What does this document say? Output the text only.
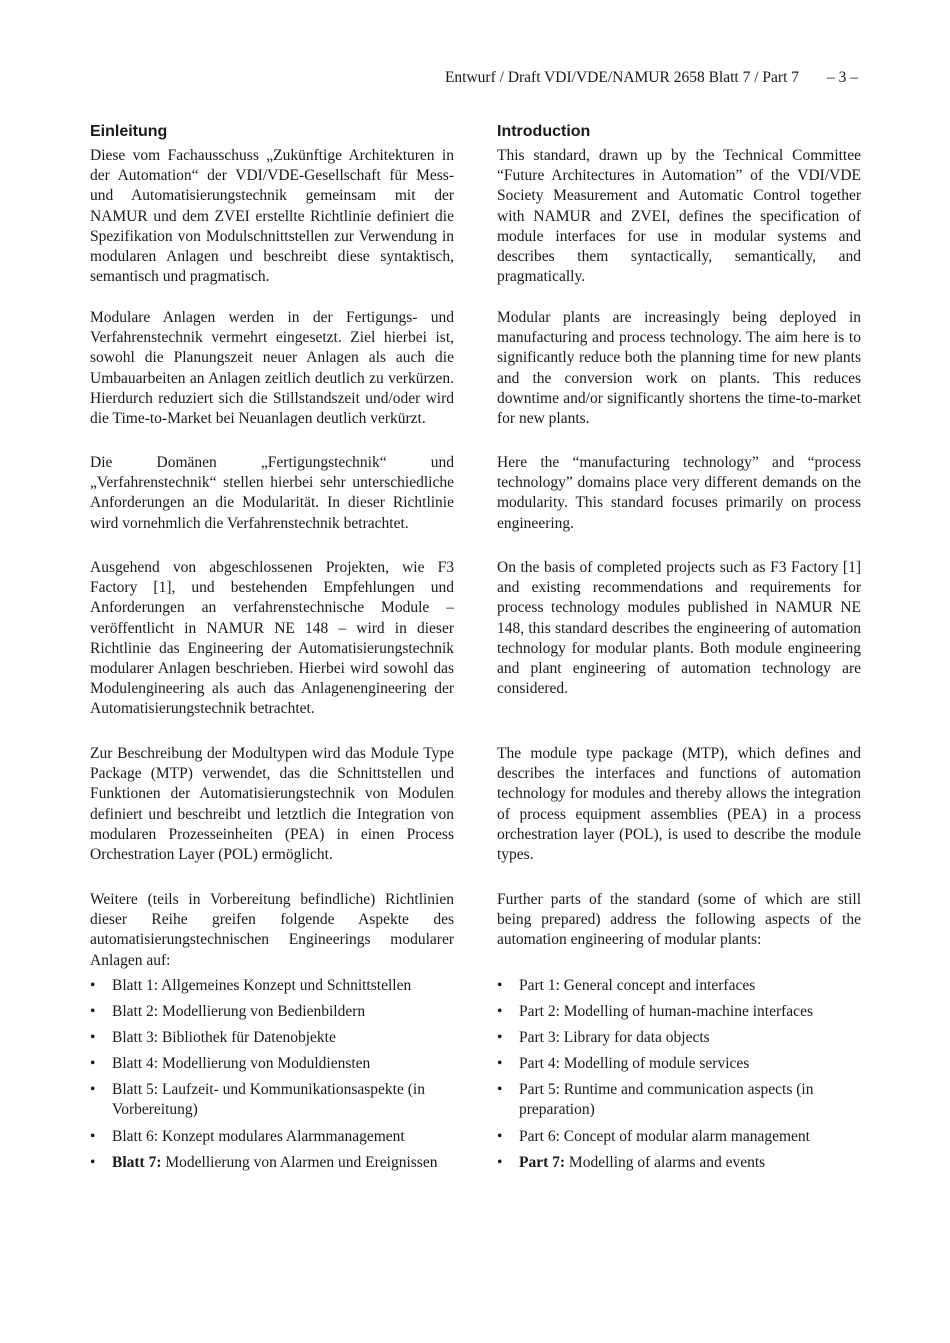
Entwurf / Draft VDI/VDE/NAMUR 2658 Blatt 7 / Part 7 – 3 –
Einleitung

Diese vom Fachausschuss „Zukünftige Architekturen in der Automation“ der VDI/VDE-Gesellschaft für Mess- und Automatisierungstechnik gemeinsam mit der NAMUR und dem ZVEI erstellte Richtlinie definiert die Spezifikation von Modulschnittstellen zur Verwendung in modularen Anlagen und beschreibt diese syntaktisch, semantisch und pragmatisch.

Modulare Anlagen werden in der Fertigungs- und Verfahrenstechnik vermehrt eingesetzt. Ziel hierbei ist, sowohl die Planungszeit neuer Anlagen als auch die Umbauarbeiten an Anlagen zeitlich deutlich zu verkürzen. Hierdurch reduziert sich die Stillstandszeit und/oder wird die Time-to-Market bei Neuanlagen deutlich verkürzt.

Die Domänen „Fertigungstechnik“ und „Verfahrenstechnik“ stellen hierbei sehr unterschiedliche Anforderungen an die Modularität. In dieser Richtlinie wird vornehmlich die Verfahrenstechnik betrachtet.

Ausgehend von abgeschlossenen Projekten, wie F3 Factory [1], und bestehenden Empfehlungen und Anforderungen an verfahrenstechnische Module – veröffentlicht in NAMUR NE 148 – wird in dieser Richtlinie das Engineering der Automatisierungstechnik modularer Anlagen beschrieben. Hierbei wird sowohl das Modulengineering als auch das Anlagenengineering der Automatisierungstechnik betrachtet.

Zur Beschreibung der Modultypen wird das Module Type Package (MTP) verwendet, das die Schnittstellen und Funktionen der Automatisierungstechnik von Modulen definiert und beschreibt und letztlich die Integration von modularen Prozesseinheiten (PEA) in einen Process Orchestration Layer (POL) ermöglicht.

Weitere (teils in Vorbereitung befindliche) Richtlinien dieser Reihe greifen folgende Aspekte des automatisierungstechnischen Engineerings modularer Anlagen auf:

• Blatt 1: Allgemeines Konzept und Schnittstellen
• Blatt 2: Modellierung von Bedienbildern
• Blatt 3: Bibliothek für Datenobjekte
• Blatt 4: Modellierung von Moduldiensten
• Blatt 5: Laufzeit- und Kommunikationsaspekte (in Vorbereitung)
• Blatt 6: Konzept modulares Alarmmanagement
• Blatt 7: Modellierung von Alarmen und Ereignissen
Introduction

This standard, drawn up by the Technical Committee “Future Architectures in Automation” of the VDI/VDE Society Measurement and Automatic Control together with NAMUR and ZVEI, defines the specification of module interfaces for use in modular systems and describes them syntactically, semantically, and pragmatically.

Modular plants are increasingly being deployed in manufacturing and process technology. The aim here is to significantly reduce both the planning time for new plants and the conversion work on plants. This reduces downtime and/or significantly shortens the time-to-market for new plants.

Here the “manufacturing technology” and “process technology” domains place very different demands on the modularity. This standard focuses primarily on process engineering.

On the basis of completed projects such as F3 Factory [1] and existing recommendations and requirements for process technology modules published in NAMUR NE 148, this standard describes the engineering of automation technology for modular plants. Both module engineering and plant engineering of automation technology are considered.

The module type package (MTP), which defines and describes the interfaces and functions of automation technology for modules and thereby allows the integration of process equipment assemblies (PEA) in a process orchestration layer (POL), is used to describe the module types.

Further parts of the standard (some of which are still being prepared) address the following aspects of the automation engineering of modular plants:

• Part 1: General concept and interfaces
• Part 2: Modelling of human-machine interfaces
• Part 3: Library for data objects
• Part 4: Modelling of module services
• Part 5: Runtime and communication aspects (in preparation)
• Part 6: Concept of modular alarm management
• Part 7: Modelling of alarms and events
